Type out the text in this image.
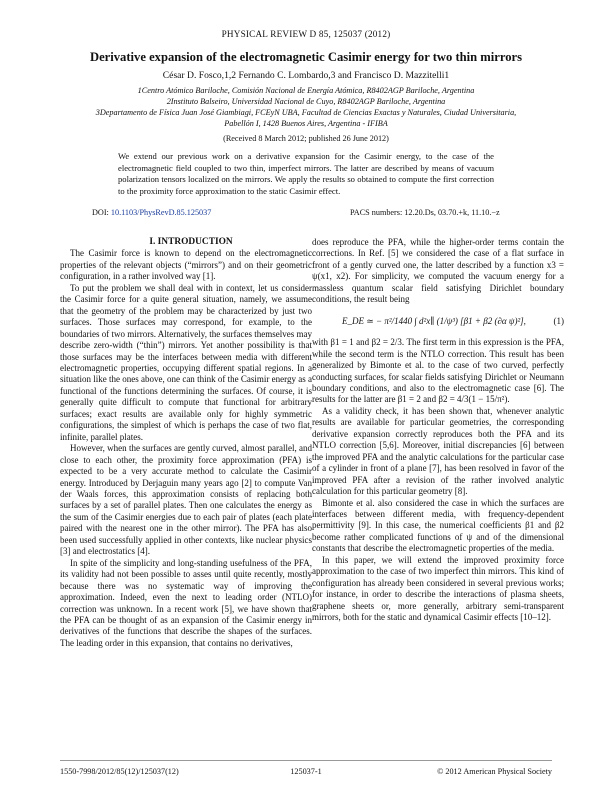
PHYSICAL REVIEW D 85, 125037 (2012)
Derivative expansion of the electromagnetic Casimir energy for two thin mirrors
César D. Fosco,1,2 Fernando C. Lombardo,3 and Francisco D. Mazzitelli1
1Centro Atómico Bariloche, Comisión Nacional de Energía Atómica, R8402AGP Bariloche, Argentina
2Instituto Balseiro, Universidad Nacional de Cuyo, R8402AGP Bariloche, Argentina
3Departamento de Física Juan José Giambiagi, FCEyN UBA, Facultad de Ciencias Exactas y Naturales, Ciudad Universitaria,
Pabellón I, 1428 Buenos Aires, Argentina - IFIBA
(Received 8 March 2012; published 26 June 2012)
We extend our previous work on a derivative expansion for the Casimir energy, to the case of the electromagnetic field coupled to two thin, imperfect mirrors. The latter are described by means of vacuum polarization tensors localized on the mirrors. We apply the results so obtained to compute the first correction to the proximity force approximation to the static Casimir effect.
DOI: 10.1103/PhysRevD.85.125037	PACS numbers: 12.20.Ds, 03.70.+k, 11.10.−z

I. INTRODUCTION

The Casimir force is known to depend on the electromagnetic properties of the relevant objects (“mirrors”) and on their geometric configuration, in a rather involved way [1].

To put the problem we shall deal with in context, let us consider the Casimir force for a quite general situation, namely, we assume that the geometry of the problem may be characterized by just two surfaces. Those surfaces may correspond, for example, to the boundaries of two mirrors. Alternatively, the surfaces themselves may describe zero-width (“thin”) mirrors. Yet another possibility is that those surfaces may be the interfaces between media with different electromagnetic properties, occupying different spatial regions. In a situation like the ones above, one can think of the Casimir energy as a functional of the functions determining the surfaces. Of course, it is generally quite difficult to compute that functional for arbitrary surfaces; exact results are available only for highly symmetric configurations, the simplest of which is perhaps the case of two flat, infinite, parallel plates.

However, when the surfaces are gently curved, almost parallel, and close to each other, the proximity force approximation (PFA) is expected to be a very accurate method to calculate the Casimir energy. Introduced by Derjaguin many years ago [2] to compute Van der Waals forces, this approximation consists of replacing both surfaces by a set of parallel plates. Then one calculates the energy as the sum of the Casimir energies due to each pair of plates (each plate paired with the nearest one in the other mirror). The PFA has also been used successfully applied in other contexts, like nuclear physics [3] and electrostatics [4].

In spite of the simplicity and long-standing usefulness of the PFA, its validity had not been possible to asses until quite recently, mostly because there was no systematic way of improving the approximation. Indeed, even the next to leading order (NTLO) correction was unknown. In a recent work [5], we have shown that the PFA can be thought of as an expansion of the Casimir energy in derivatives of the functions that describe the shapes of the surfaces. The leading order in this expansion, that contains no derivatives,

does reproduce the PFA, while the higher-order terms contain the corrections. In Ref. [5] we considered the case of a flat surface in front of a gently curved one, the latter described by a function x3 = ψ(x1, x2). For simplicity, we computed the vacuum energy for a massless quantum scalar field satisfying Dirichlet boundary conditions, the result being

E_DE ≃ − π²/1440 ∫ d²x∥ (1/ψ³) [β1 + β2 (∂α ψ)²],	(1)

with β1 = 1 and β2 = 2/3. The first term in this expression is the PFA, while the second term is the NTLO correction. This result has been generalized by Bimonte et al. to the case of two curved, perfectly conducting surfaces, for scalar fields satisfying Dirichlet or Neumann boundary conditions, and also to the electromagnetic case [6]. The results for the latter are β1 = 2 and β2 = 4/3(1 − 15/π²).

As a validity check, it has been shown that, whenever analytic results are available for particular geometries, the corresponding derivative expansion correctly reproduces both the PFA and its NTLO correction [5,6]. Moreover, initial discrepancies [6] between the improved PFA and the analytic calculations for the particular case of a cylinder in front of a plane [7], has been resolved in favor of the improved PFA after a revision of the rather involved analytic calculation for this particular geometry [8].

Bimonte et al. also considered the case in which the surfaces are interfaces between different media, with frequency-dependent permittivity [9]. In this case, the numerical coefficients β1 and β2 become rather complicated functions of ψ and of the dimensional constants that describe the electromagnetic properties of the media.

In this paper, we will extend the improved proximity force approximation to the case of two imperfect thin mirrors. This kind of configuration has already been considered in several previous works; for instance, in order to describe the interactions of plasma sheets, graphene sheets or, more generally, arbitrary semi-transparent mirrors, both for the static and dynamical Casimir effects [10–12].

1550-7998/2012/85(12)/125037(12)	125037-1	© 2012 American Physical Society
